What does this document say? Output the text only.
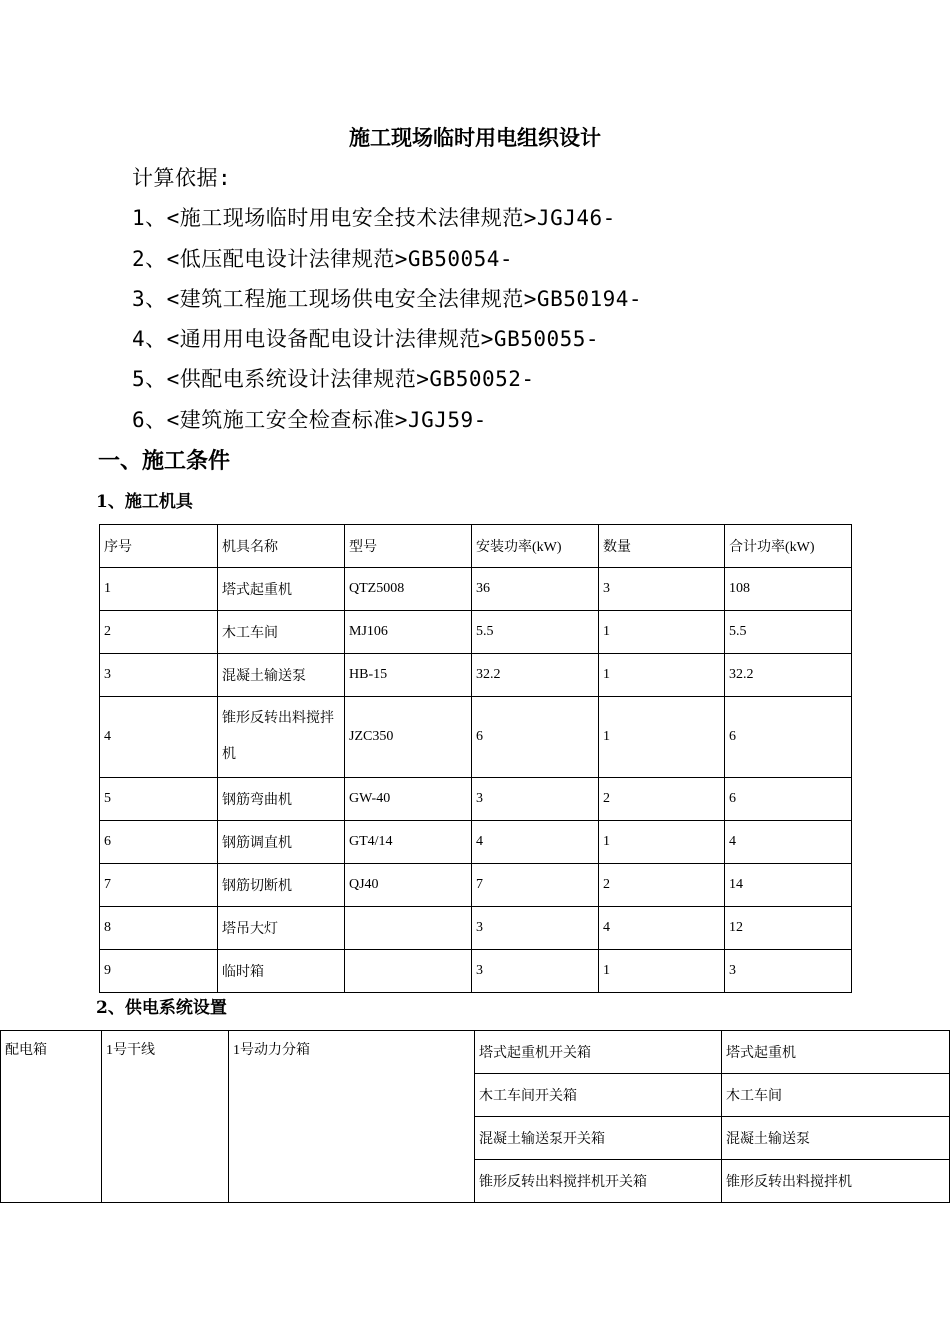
施工现场临时用电组织设计
计算依据:
1、<施工现场临时用电安全技术法律规范>JGJ46-
2、<低压配电设计法律规范>GB50054-
3、<建筑工程施工现场供电安全法律规范>GB50194-
4、<通用用电设备配电设计法律规范>GB50055-
5、<供配电系统设计法律规范>GB50052-
6、<建筑施工安全检查标准>JGJ59-
一、施工条件
1、施工机具
序号	机具名称	型号	安装功率(kW)	数量	合计功率(kW)
1	塔式起重机	QTZ5008	36	3	108
2	木工车间	MJ106	5.5	1	5.5
3	混凝土输送泵	HB-15	32.2	1	32.2
4	锥形反转出料搅拌机	JZC350	6	1	6
5	钢筋弯曲机	GW-40	3	2	6
6	钢筋调直机	GT4/14	4	1	4
7	钢筋切断机	QJ40	7	2	14
8	塔吊大灯		3	4	12
9	临时箱		3	1	3
2、供电系统设置
配电箱	1号干线	1号动力分箱	塔式起重机开关箱	塔式起重机
			木工车间开关箱	木工车间
			混凝土输送泵开关箱	混凝土输送泵
			锥形反转出料搅拌机开关箱	锥形反转出料搅拌机
